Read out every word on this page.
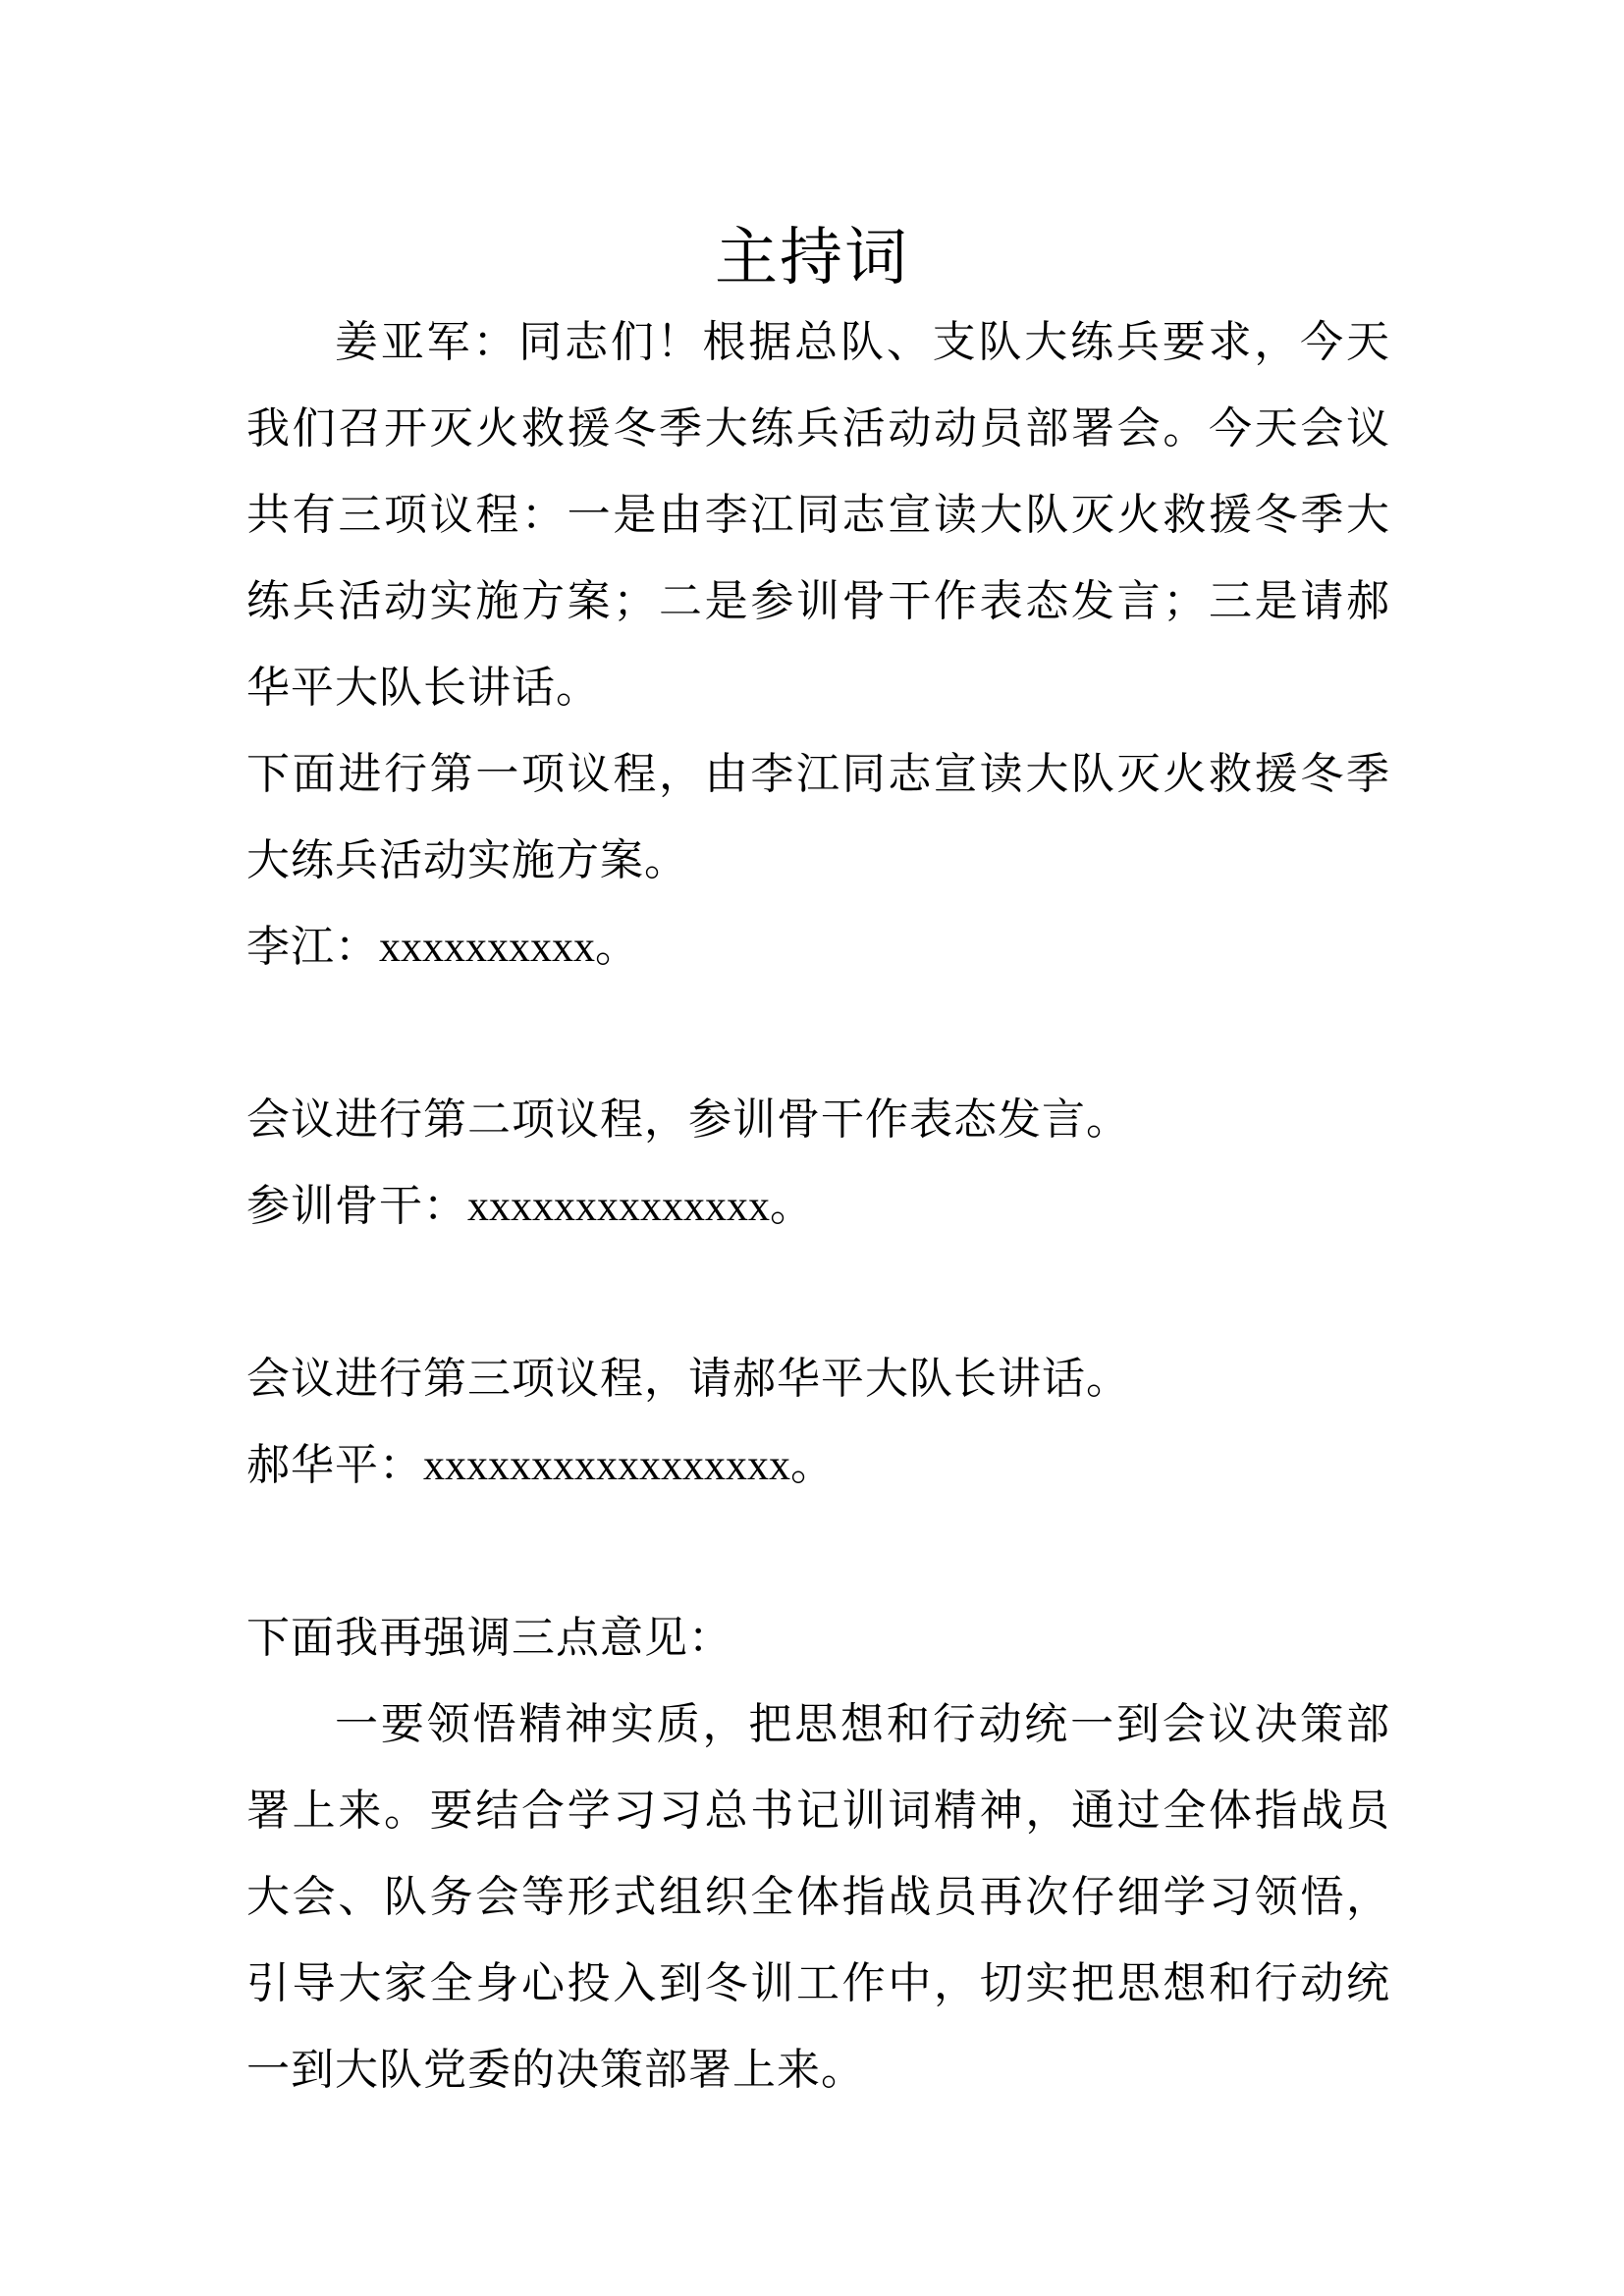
主持词

姜亚军：同志们！根据总队、支队大练兵要求，今天我们召开灭火救援冬季大练兵活动动员部署会。今天会议共有三项议程：一是由李江同志宣读大队灭火救援冬季大练兵活动实施方案；二是参训骨干作表态发言；三是请郝华平大队长讲话。

下面进行第一项议程，由李江同志宣读大队灭火救援冬季大练兵活动实施方案。

李江：xxxxxxxxxx。

会议进行第二项议程，参训骨干作表态发言。

参训骨干：xxxxxxxxxxxxxx。

会议进行第三项议程，请郝华平大队长讲话。

郝华平：xxxxxxxxxxxxxxxxx。

下面我再强调三点意见：

一要领悟精神实质，把思想和行动统一到会议决策部署上来。要结合学习习总书记训词精神，通过全体指战员大会、队务会等形式组织全体指战员再次仔细学习领悟，引导大家全身心投入到冬训工作中，切实把思想和行动统一到大队党委的决策部署上来。
